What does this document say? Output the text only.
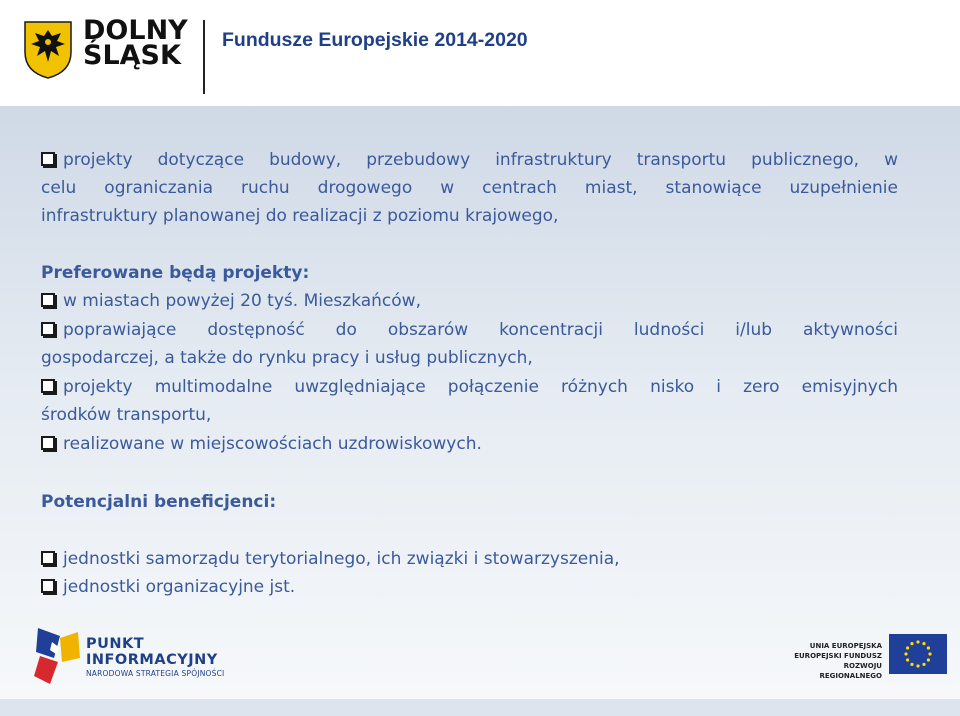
DOLNY
ŚLĄSK	Fundusze Europejskie 2014-2020
projekty dotyczące budowy, przebudowy infrastruktury transportu publicznego, w
celu ograniczania ruchu drogowego w centrach miast, stanowiące uzupełnienie
infrastruktury planowanej do realizacji z poziomu krajowego,
Preferowane będą projekty:
w miastach powyżej 20 tyś. Mieszkańców,
poprawiające dostępność do obszarów koncentracji ludności i/lub aktywności
gospodarczej, a także do rynku pracy i usług publicznych,
projekty multimodalne uwzględniające połączenie różnych nisko i zero emisyjnych
środków transportu,
realizowane w miejscowościach uzdrowiskowych.
Potencjalni beneficjenci:
jednostki samorządu terytorialnego, ich związki i stowarzyszenia,
jednostki organizacyjne jst.
PUNKT
INFORMACYJNY
NARODOWA STRATEGIA SPÓJNOŚCI
UNIA EUROPEJSKA
EUROPEJSKI FUNDUSZ
ROZWOJU REGIONALNEGO
